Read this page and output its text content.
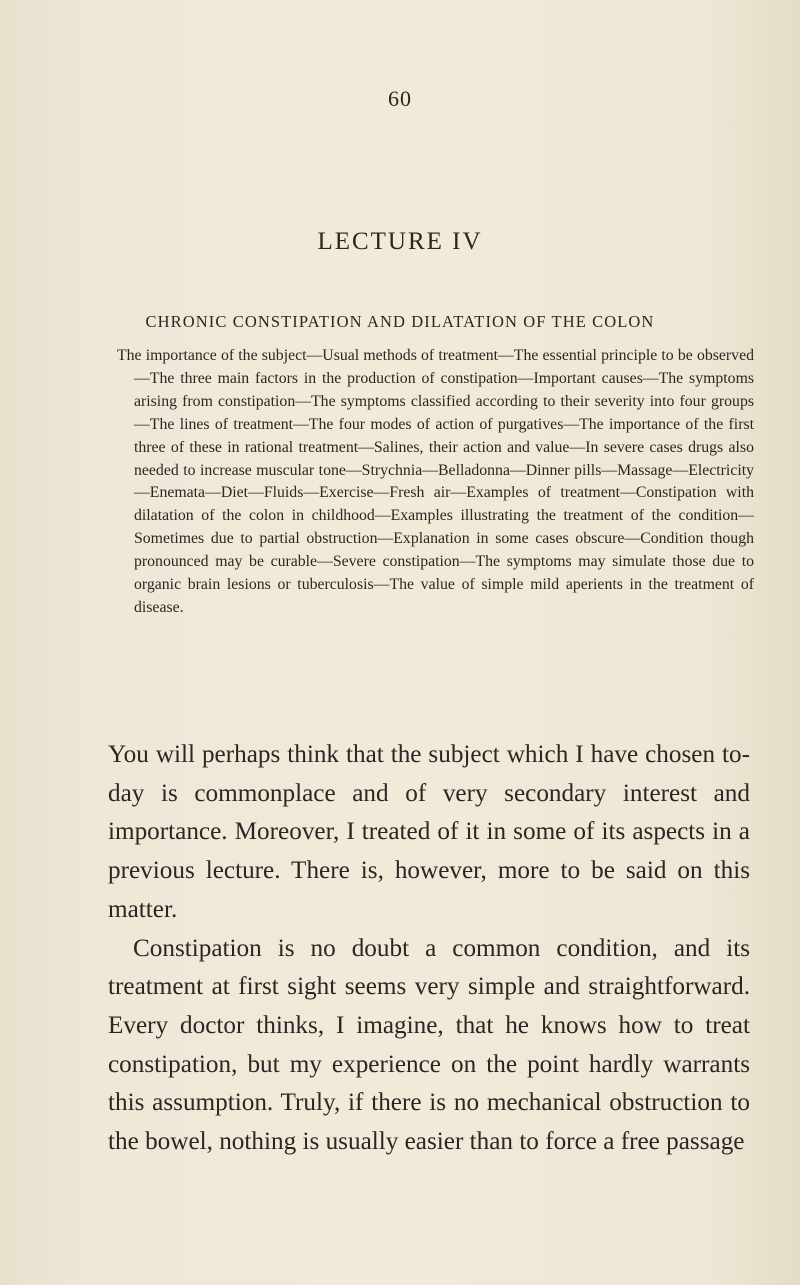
60
LECTURE IV
CHRONIC CONSTIPATION AND DILATATION OF THE COLON
The importance of the subject—Usual methods of treatment—The essential principle to be observed—The three main factors in the production of constipation—Important causes—The symptoms arising from constipation—The symptoms classified according to their severity into four groups—The lines of treatment—The four modes of action of purgatives—The importance of the first three of these in rational treatment—Salines, their action and value—In severe cases drugs also needed to increase muscular tone—Strychnia—Belladonna—Dinner pills—Massage—Electricity—Enemata—Diet—Fluids—Exercise—Fresh air—Examples of treatment—Constipation with dilatation of the colon in childhood—Examples illustrating the treatment of the condition—Sometimes due to partial obstruction—Explanation in some cases obscure—Condition though pronounced may be curable—Severe constipation—The symptoms may simulate those due to organic brain lesions or tuberculosis—The value of simple mild aperients in the treatment of disease.

You will perhaps think that the subject which I have chosen to-day is commonplace and of very secondary interest and importance. Moreover, I treated of it in some of its aspects in a previous lecture. There is, however, more to be said on this matter.

Constipation is no doubt a common condition, and its treatment at first sight seems very simple and straightforward. Every doctor thinks, I imagine, that he knows how to treat constipation, but my experience on the point hardly warrants this assumption. Truly, if there is no mechanical obstruction to the bowel, nothing is usually easier than to force a free passage
